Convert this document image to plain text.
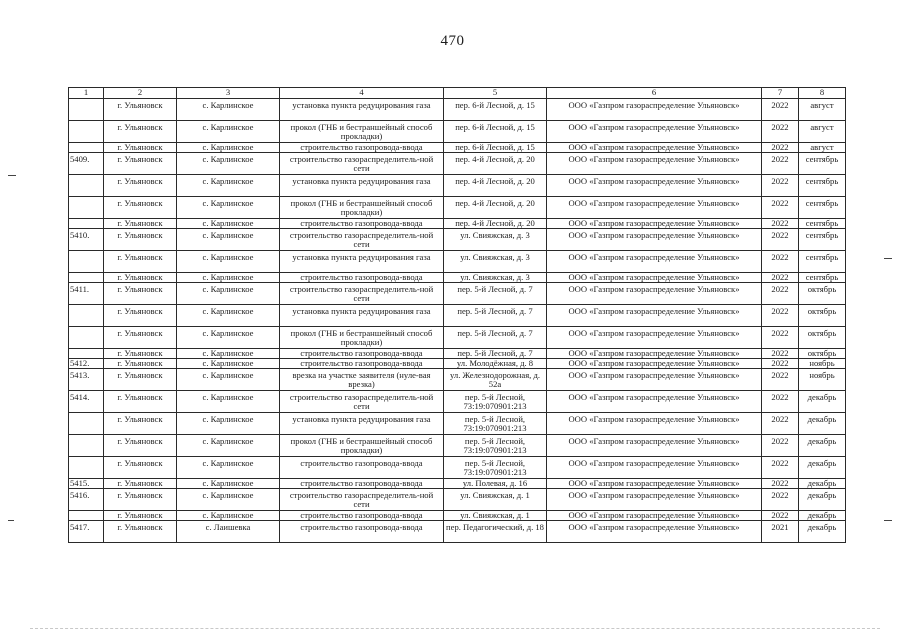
470
1	2	3	4	5	6	7	8
	г. Ульяновск	с. Карлинское	установка пункта редуцирования газа	пер. 6-й Лесной, д. 15	ООО «Газпром газораспределение Ульяновск»	2022	август
	г. Ульяновск	с. Карлинское	прокол (ГНБ и бестраншейный способ прокладки)	пер. 6-й Лесной, д. 15	ООО «Газпром газораспределение Ульяновск»	2022	август
	г. Ульяновск	с. Карлинское	строительство газопровода-ввода	пер. 6-й Лесной, д. 15	ООО «Газпром газораспределение Ульяновск»	2022	август
5409.	г. Ульяновск	с. Карлинское	строительство газораспределитель-ной сети	пер. 4-й Лесной, д. 20	ООО «Газпром газораспределение Ульяновск»	2022	сентябрь
	г. Ульяновск	с. Карлинское	установка пункта редуцирования газа	пер. 4-й Лесной, д. 20	ООО «Газпром газораспределение Ульяновск»	2022	сентябрь
	г. Ульяновск	с. Карлинское	прокол (ГНБ и бестраншейный способ прокладки)	пер. 4-й Лесной, д. 20	ООО «Газпром газораспределение Ульяновск»	2022	сентябрь
	г. Ульяновск	с. Карлинское	строительство газопровода-ввода	пер. 4-й Лесной, д. 20	ООО «Газпром газораспределение Ульяновск»	2022	сентябрь
5410.	г. Ульяновск	с. Карлинское	строительство газораспределитель-ной сети	ул. Свияжская, д. 3	ООО «Газпром газораспределение Ульяновск»	2022	сентябрь
	г. Ульяновск	с. Карлинское	установка пункта редуцирования газа	ул. Свияжская, д. 3	ООО «Газпром газораспределение Ульяновск»	2022	сентябрь
	г. Ульяновск	с. Карлинское	строительство газопровода-ввода	ул. Свияжская, д. 3	ООО «Газпром газораспределение Ульяновск»	2022	сентябрь
5411.	г. Ульяновск	с. Карлинское	строительство газораспределитель-ной сети	пер. 5-й Лесной, д. 7	ООО «Газпром газораспределение Ульяновск»	2022	октябрь
	г. Ульяновск	с. Карлинское	установка пункта редуцирования газа	пер. 5-й Лесной, д. 7	ООО «Газпром газораспределение Ульяновск»	2022	октябрь
	г. Ульяновск	с. Карлинское	прокол (ГНБ и бестраншейный способ прокладки)	пер. 5-й Лесной, д. 7	ООО «Газпром газораспределение Ульяновск»	2022	октябрь
	г. Ульяновск	с. Карлинское	строительство газопровода-ввода	пер. 5-й Лесной, д. 7	ООО «Газпром газораспределение Ульяновск»	2022	октябрь
5412.	г. Ульяновск	с. Карлинское	строительство газопровода-ввода	ул. Молодёжная, д. 8	ООО «Газпром газораспределение Ульяновск»	2022	ноябрь
5413.	г. Ульяновск	с. Карлинское	врезка на участке заявителя (нуле-вая врезка)	ул. Железнодорожная, д. 52а	ООО «Газпром газораспределение Ульяновск»	2022	ноябрь
5414.	г. Ульяновск	с. Карлинское	строительство газораспределитель-ной сети	пер. 5-й Лесной, 73:19:070901:213	ООО «Газпром газораспределение Ульяновск»	2022	декабрь
	г. Ульяновск	с. Карлинское	установка пункта редуцирования газа	пер. 5-й Лесной, 73:19:070901:213	ООО «Газпром газораспределение Ульяновск»	2022	декабрь
	г. Ульяновск	с. Карлинское	прокол (ГНБ и бестраншейный способ прокладки)	пер. 5-й Лесной, 73:19:070901:213	ООО «Газпром газораспределение Ульяновск»	2022	декабрь
	г. Ульяновск	с. Карлинское	строительство газопровода-ввода	пер. 5-й Лесной, 73:19:070901:213	ООО «Газпром газораспределение Ульяновск»	2022	декабрь
5415.	г. Ульяновск	с. Карлинское	строительство газопровода-ввода	ул. Полевая, д. 16	ООО «Газпром газораспределение Ульяновск»	2022	декабрь
5416.	г. Ульяновск	с. Карлинское	строительство газораспределитель-ной сети	ул. Свияжская, д. 1	ООО «Газпром газораспределение Ульяновск»	2022	декабрь
	г. Ульяновск	с. Карлинское	строительство газопровода-ввода	ул. Свияжская, д. 1	ООО «Газпром газораспределение Ульяновск»	2022	декабрь
5417.	г. Ульяновск	с. Лаишевка	строительство газопровода-ввода	пер. Педагогический, д. 18	ООО «Газпром газораспределение Ульяновск»	2021	декабрь
